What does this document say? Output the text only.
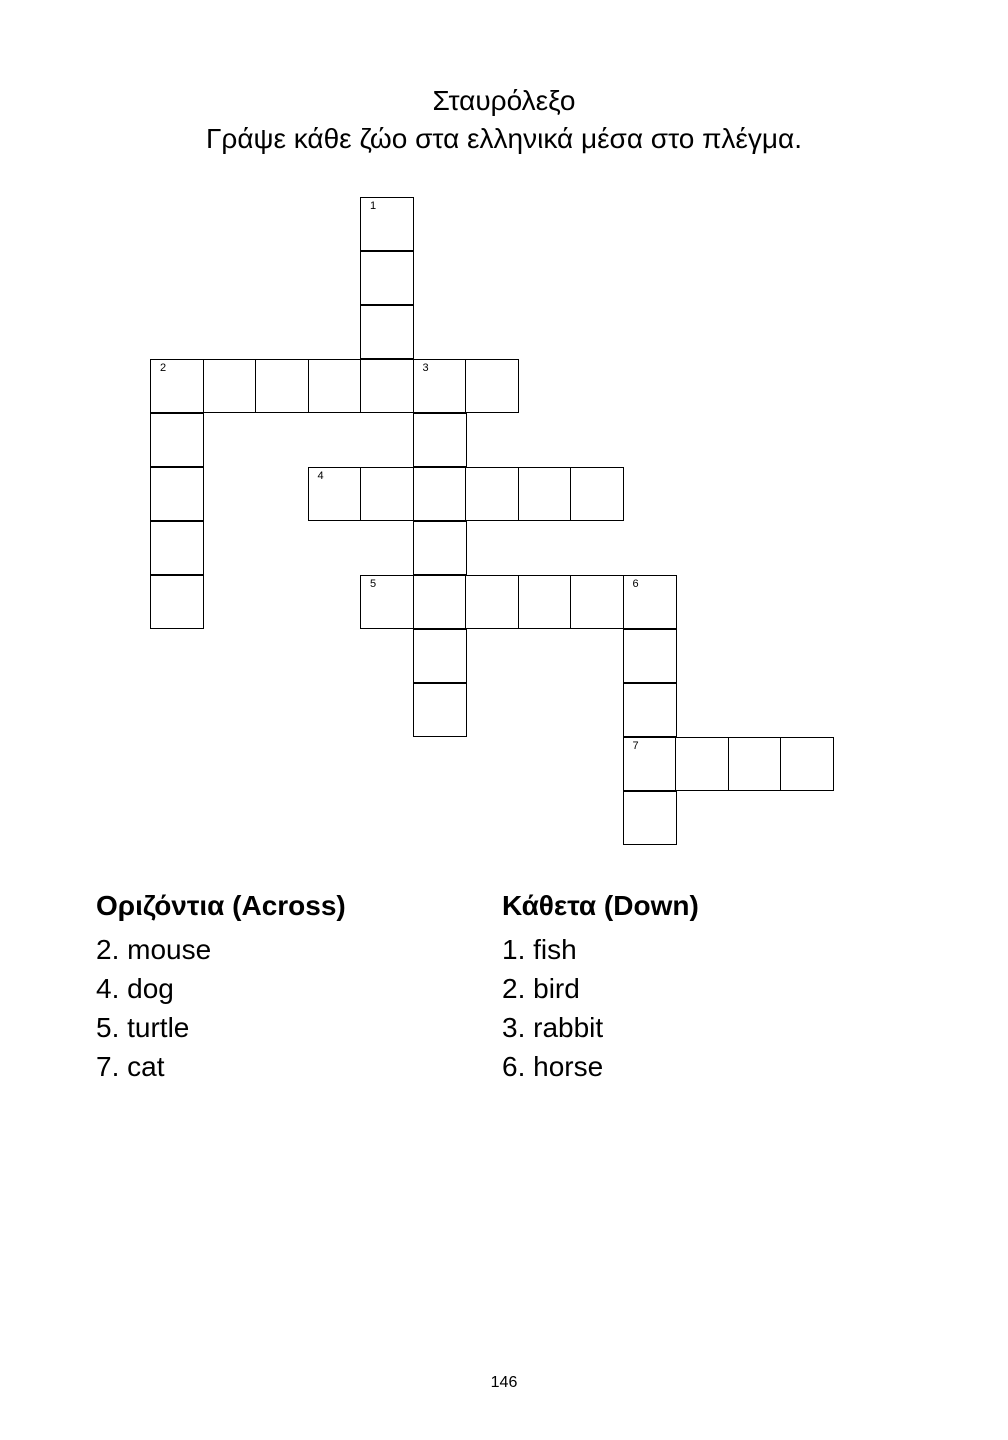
Σταυρόλεξο
Γράψε κάθε ζώο στα ελληνικά μέσα στο πλέγμα.
1
2	3
4
5	6
7
Οριζόντια (Across)	Κάθετα (Down)
2. mouse
4. dog
5. turtle
7. cat
1. fish
2. bird
3. rabbit
6. horse
146
